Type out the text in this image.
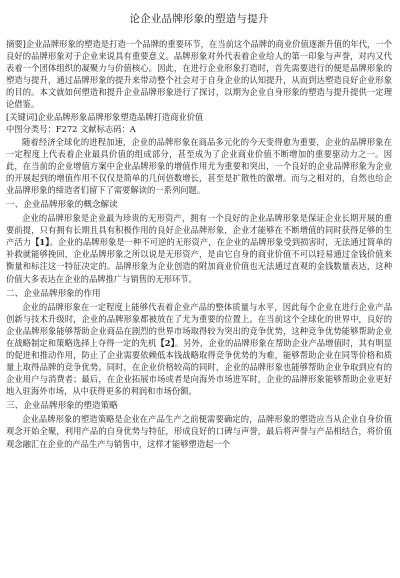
论企业品牌形象的塑造与提升

摘要]企业品牌形象的塑造是打造一个品牌的重要环节，在当前这个品牌的商业价值逐渐升值的年代，一个良好的品牌形象对于企业来说具有重要意义。品牌形象对外代表着企业给人的第一印象与声誉，对内又代表着一个团体组织的凝聚力与价值核心。因此，在进行企业形象打造时，首先需要进行的便是品牌形象的塑造与提升，通过品牌形象的提升来带动整个社会对于自身企业的认知提升，从而到达塑造良好企业形象的目的。本文就如何塑造和提升企业品牌形象进行了探讨，以期为企业自身形象的塑造与提升提供一定理论借鉴。

[关键词]企业品牌形象品牌形象塑造品牌打造商业价值

中图分类号：F272 文献标志码：A

随着经济全球化的进程加速，企业的品牌形象在商品多元化的今天变得愈为重要，企业的品牌形象在一定程度上代表着企业最具价值的组成部分，甚至成为了企业商业价值不断增加的重要驱动力之一。因此，在当前的企业增值方案中企业品牌形象的增值作用尤为重要和突出，一个良好的企业品牌形象为企业的开展起到的增值作用不仅仅是简单的几何倍数增长，甚至是扩散性的激增。而与之相对的，自然也给企业品牌形象的缔造者们留下了需要解读的一系列问题。

一、企业品牌形象的概念解读

企业的品牌形象是企业最为珍贵的无形资产，拥有一个良好的企业品牌形象是保证企业长期开展的重要前提，只有拥有长期且具有积极作用的良好企业品牌形象，企业才能够在不断增值的同时获得足够的生产活力【1】。企业的品牌形象是一种不可逆的无形资产，在企业的品牌形象受到损害时，无法通过简单的补救就能够挽回，企业品牌形象之所以说是无形资产，是由它自身的商业价值不可以轻易通过金钱价值来衡量和标注这一特征决定的。品牌形象为企业创造的附加商业价值也无法通过直观的金钱数量表达，这种价值大多表达在企业的品牌推广与销售的无形环节。

二、企业品牌形象的作用

企业的品牌形象在一定程度上能够代表着企业产品的整体质量与水平，因此每个企业在进行企业产品创新与技术升级时，企业的品牌形象都被放在了尤为重要的位置上。在当前这个全球化的世界中，良好的企业品牌形象能够帮助企业商品在剧烈的世界市场取得较为突出的竞争优势，这种竞争优势能够帮助企业在战略制定和策略选择上夺得一定的先机【2】。另外，企业的品牌形象在帮助企业产品增值时，其有明显的促进和推动作用，防止了企业需要依赖低本钱战略取得竞争优势的为难，能够帮助企业在同等价格和质量上取得品牌的竞争优势。同时，在企业价格较高的同时，企业的品牌形象也能够帮助企业争取到应有的企业用户与消费者；最后，在企业拓展市场或者是向海外市场进军时，企业的品牌形象能够帮助企业更好地入驻海外市场，从中获得更多的利润和市场份额。

三、企业品牌形象的塑造策略

企业品牌形象的塑造策略是企业在产品生产之前便需要确定的，品牌形象的塑造应当从企业自身价值观念开始全聚，利用产品的自身优势与特征，形成良好的口碑与声誉，最后将声誉与产品相结合，将价值观念融汇在企业的产品生产与销售中，这样才能够塑造起一个
